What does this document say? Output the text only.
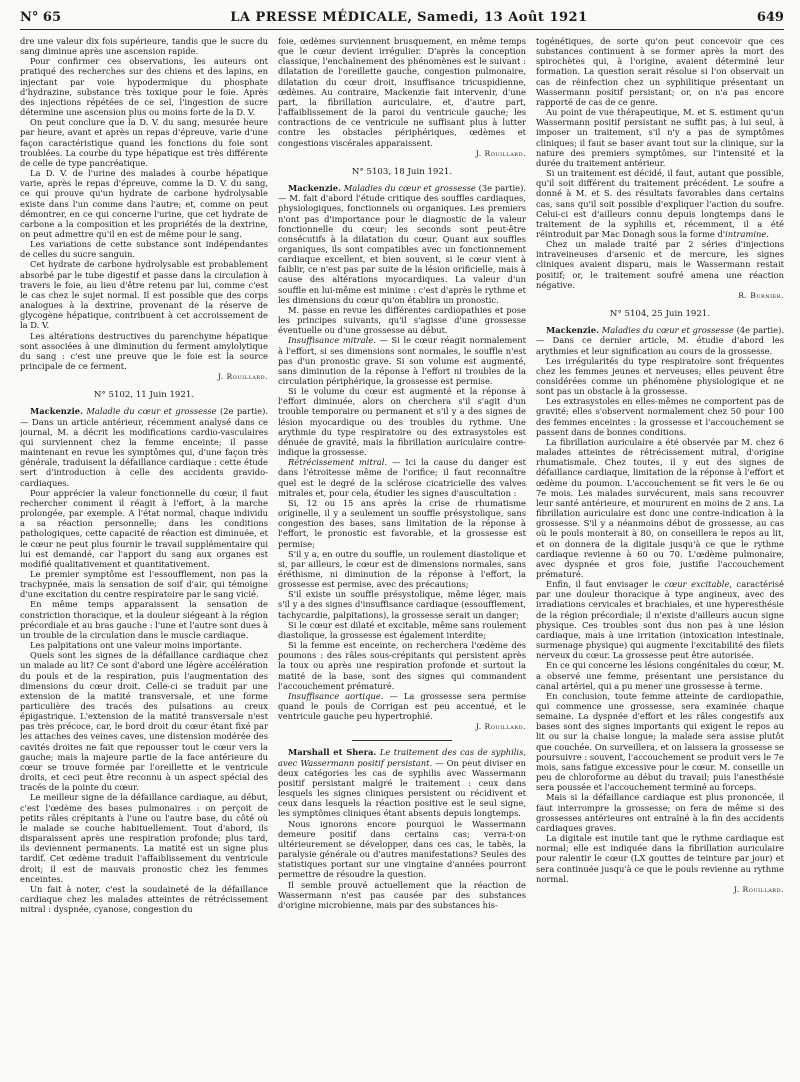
N° 65	LA PRESSE MÉDICALE, Samedi, 13 Août 1921	649

dre une valeur dix fois supérieure, tandis que le sucre du sang diminue après une ascension rapide.

Pour confirmer ces observations, les auteurs ont pratiqué des recherches sur des chiens et des lapins, en injectant par voie hypodermique du phosphate d'hydrazine, substance très toxique pour le foie. Après des injections répétées de ce sel, l'ingestion de sucre détermine une ascension plus ou moins forte de la D. V.

On peut conclure que la D. V. du sang, mesurée heure par heure, avant et après un repas d'épreuve, varie d'une façon caractéristique quand les fonctions du foie sont troublées. La courbe du type hépatique est très différente de celle de type pancréatique.

La D. V. de l'urine des malades à courbe hépatique varie, après le repas d'épreuve, comme la D. V. du sang, ce qui prouve qu'un hydrate de carbone hydrolysable existe dans l'un comme dans l'autre; et, comme on peut démontrer, en ce qui concerne l'urine, que cet hydrate de carbone a la composition et les propriétés de la dextrine, on peut admettre qu'il en est de même pour le sang.

Les variations de cette substance sont indépendantes de celles du sucre sanguin.

Cet hydrate de carbone hydrolysable est probablement absorbé par le tube digestif et passe dans la circulation à travers le foie, au lieu d'être retenu par lui, comme c'est le cas chez le sujet normal. Il est possible que des corps analogues à la dextrine, provenant de la réserve de glycogène hépatique, contribuent à cet accroissement de la D. V.

Les altérations destructives du parenchyme hépatique sont associées à une diminution du ferment amylolytique du sang : c'est une preuve que le foie est la source principale de ce ferment.

J. Rouillard.
N° 5102, 11 Juin 1921.

Mackenzie. Maladie du cœur et grossesse (2e partie). — Dans un article antérieur, récemment analysé dans ce journal, M. a décrit les modifications cardio-vasculaires qui surviennent chez la femme enceinte; il passe maintenant en revue les symptômes qui, d'une façon très générale, traduisent la défaillance cardiaque : cette étude sert d'introduction à celle des accidents gravido-cardiaques.

Pour apprécier la valeur fonctionnelle du cœur, il faut rechercher comment il réagit à l'effort, à la marche prolongée, par exemple. A l'état normal, chaque individu a sa réaction personnelle; dans les conditions pathologiques, cette capacité de réaction est diminuée, et le cœur ne peut plus fournir le travail supplémentaire qui lui est demandé, car l'apport du sang aux organes est modifié qualitativement et quantitativement.

Le premier symptôme est l'essoufflement, non pas la trachypnée, mais la sensation de soif d'air, qui témoigne d'une excitation du centre respiratoire par le sang vicié.

En même temps apparaissent la sensation de constriction thoracique, et la douleur siégeant à la région précordiale et au bras gauche : l'une et l'autre sont dues à un trouble de la circulation dans le muscle cardiaque.

Les palpitations ont une valeur moins importante.

Quels sont les signes de la défaillance cardiaque chez un malade au lit? Ce sont d'abord une légère accélération du pouls et de la respiration, puis l'augmentation des dimensions du cœur droit. Celle-ci se traduit par une extension de la matité transversale, et une forme particulière des tracés des pulsations au creux épigastrique. L'extension de la matité transversale n'est pas très précoce, car, le bord droit du cœur étant fixé par les attaches des veines caves, une distension modérée des cavités droites ne fait que repousser tout le cœur vers la gauche; mais la majeure partie de la face antérieure du cœur se trouve formée par l'oreillette et le ventricule droits, et ceci peut être reconnu à un aspect spécial des tracés de la pointe du cœur.

Le meilleur signe de la défaillance cardiaque, au début, c'est l'œdème des bases pulmonaires : on perçoit de petits râles crépitants à l'une ou l'autre base, du côté où le malade se couche habituellement. Tout d'abord, ils disparaissent après une respiration profonde; plus tard, ils deviennent permanents. La matité est un signe plus tardif. Cet œdème traduit l'affaiblissement du ventricule droit; il est de mauvais pronostic chez les femmes enceintes.

Un fait à noter, c'est la soudaineté de la défaillance cardiaque chez les malades atteintes de rétrécissement mitral : dyspnée, cyanose, congestion du

foie, œdèmes surviennent brusquement, en même temps que le cœur devient irrégulier. D'après la conception classique, l'enchaînement des phénomènes est le suivant : dilatation de l'oreillette gauche, congestion pulmonaire, dilatation du cœur droit, insuffisance tricuspidienne, œdèmes. Au contraire, Mackenzie fait intervenir, d'une part, la fibrillation auriculaire, et, d'autre part, l'affaiblissement de la paroi du ventricule gauche; les contractions de ce ventricule ne suffisant plus à lutter contre les obstacles périphériques, œdèmes et congestions viscérales apparaissent.

J. Rouillard.
N° 5103, 18 Juin 1921.

Mackenzie. Maladies du cœur et grossesse (3e partie). — M. fait d'abord l'étude critique des souffles cardiaques, physiologiques, fonctionnels ou organiques. Les premiers n'ont pas d'importance pour le diagnostic de la valeur fonctionnelle du cœur; les seconds sont peut-être consécutifs à la dilatation du cœur. Quant aux souffles organiques, ils sont compatibles avec un fonctionnement cardiaque excellent, et bien souvent, si le cœur vient à faiblir, ce n'est pas par suite de la lésion orificielle, mais à cause des altérations myocardiques. La valeur d'un souffle en lui-même est minime : c'est d'après le rythme et les dimensions du cœur qu'on établira un pronostic.

M. passe en revue les différentes cardiopathies et pose les principes suivants, qu'il s'agisse d'une grossesse éventuelle ou d'une grossesse au début.

Insuffisance mitrale. — Si le cœur réagit normalement à l'effort, si ses dimensions sont normales, le souffle n'est pas d'un pronostic grave. Si son volume est augmenté, sans diminution de la réponse à l'effort ni troubles de la circulation périphérique, la grossesse est permise.

Si le volume du cœur est augmenté et la réponse à l'effort diminuée, alors on cherchera s'il s'agit d'un trouble temporaire ou permanent et s'il y a des signes de lésion myocardique ou des troubles du rythme. Une arythmie du type respiratoire ou des extrasystoles est dénuée de gravité, mais la fibrillation auriculaire contre-indique la grossesse.

Rétrécissement mitral. — Ici la cause du danger est dans l'étroitesse même de l'orifice; il faut reconnaître quel est le degré de la sclérose cicatricielle des valves mitrales et, pour cela, étudier les signes d'auscultation :

Si, 12 ou 15 ans après la crise de rhumatisme originelle, il y a seulement un souffle présystolique, sans congestion des bases, sans limitation de la réponse à l'effort, le pronostic est favorable, et la grossesse est permise;

S'il y a, en outre du souffle, un roulement diastolique et si, par ailleurs, le cœur est de dimensions normales, sans éréthisme, ni diminution de la réponse à l'effort, la grossesse est permise, avec des précautions;

S'il existe un souffle présystolique, même léger, mais s'il y a des signes d'insuffisance cardiaque (essoufflement, tachycardie, palpitations), la grossesse serait un danger;

Si le cœur est dilaté et excitable, même sans roulement diastolique, la grossesse est également interdite;

Si la femme est enceinte, on recherchera l'œdème des poumons : des râles sous-crépitants qui persistent après la toux ou après une respiration profonde et surtout la matité de la base, sont des signes qui commandent l'accouchement prématuré.

Insuffisance aortique. — La grossesse sera permise quand le pouls de Corrigan est peu accentué, et le ventricule gauche peu hypertrophié.

J. Rouillard.

Marshall et Shera. Le traitement des cas de syphilis, avec Wassermann positif persistant. — On peut diviser en deux catégories les cas de syphilis avec Wassermann positif persistant malgré le traitement : ceux dans lesquels les signes cliniques persistent ou récidivent et ceux dans lesquels la réaction positive est le seul signe, les symptômes cliniques étant absents depuis longtemps.

Nous ignorons encore pourquoi le Wassermann demeure positif dans certains cas; verra-t-on ultérieurement se développer, dans ces cas, le tabès, la paralysie générale ou d'autres manifestations? Seules des statistiques portant sur une vingtaine d'années pourront permettre de résoudre la question.

Il semble prouvé actuellement que la réaction de Wassermann n'est pas causée par des substances d'origine microbienne, mais par des substances his-

togénétiques, de sorte qu'on peut concevoir que ces substances continuent à se former après la mort des spirochètes qui, à l'origine, avaient déterminé leur formation. La question serait résolue si l'on observait un cas de réinfection chez un syphilitique présentant un Wassermann positif persistant; or, on n'a pas encore rapporté de cas de ce genre.

Au point de vue thérapeutique, M. et S. estiment qu'un Wassermann positif persistant ne suffit pas, à lui seul, à imposer un traitement, s'il n'y a pas de symptômes cliniques; il faut se baser avant tout sur la clinique, sur la nature des premiers symptômes, sur l'intensité et la durée du traitement antérieur.

Si un traitement est décidé, il faut, autant que possible, qu'il soit différent du traitement précédent. Le soufre a donné à M. et S. des résultats favorables dans certains cas, sans qu'il soit possible d'expliquer l'action du soufre. Celui-ci est d'ailleurs connu depuis longtemps dans le traitement de la syphilis et, récemment, il a été réintroduit par Mac Donagh sous la forme d'intramine.

Chez un malade traité par 2 séries d'injections intraveineuses d'arsenic et de mercure, les signes cliniques avaient disparu, mais le Wassermann restait positif; or, le traitement soufré amena une réaction négative.

R. Burnier.
N° 5104, 25 Juin 1921.

Mackenzie. Maladies du cœur et grossesse (4e partie). — Dans ce dernier article, M. étudie d'abord les arythmies et leur signification au cours de la grossesse.

Les irrégularités du type respiratoire sont fréquentes chez les femmes jeunes et nerveuses; elles peuvent être considérées comme un phénomène physiologique et ne sont pas un obstacle à la grossesse.

Les extrasystoles en elles-mêmes ne comportent pas de gravité; elles s'observent normalement chez 50 pour 100 des femmes enceintes : la grossesse et l'accouchement se passent dans de bonnes conditions.

La fibrillation auriculaire a été observée par M. chez 6 malades atteintes de rétrécissement mitral, d'origine rhumatismale. Chez toutes, il y eut des signes de défaillance cardiaque, limitation de la réponse à l'effort et œdème du poumon. L'accouchement se fit vers le 6e ou 7e mois. Les malades survécurent, mais sans recouvrer leur santé antérieure, et moururent en moins de 2 ans. La fibrillation auriculaire est donc une contre-indication à la grossesse. S'il y a néanmoins début de grossesse, au cas où le pouls monterait à 80, on conseillera le repos au lit, et on donnera de la digitale jusqu'à ce que le rythme cardiaque revienne à 60 ou 70. L'œdème pulmonaire, avec dyspnée et gros foie, justifie l'accouchement prématuré.

Enfin, il faut envisager le cœur excitable, caractérisé par une douleur thoracique à type angineux, avec des irradiations cervicales et brachiales, et une hyperesthésie de la région précordiale; il n'existe d'ailleurs aucun signe physique. Ces troubles sont dus non pas à une lésion cardiaque, mais à une irritation (intoxication intestinale, surmenage physique) qui augmente l'excitabilité des filets nerveux du cœur. La grossesse peut être autorisée.

En ce qui concerne les lésions congénitales du cœur, M. a observé une femme, présentant une persistance du canal artériel, qui a pu mener une grossesse à terme.

En conclusion, toute femme atteinte de cardiopathie, qui commence une grossesse, sera examinée chaque semaine. La dyspnée d'effort et les râles congestifs aux bases sont des signes importants qui exigent le repos au lit ou sur la chaise longue; la malade sera assise plutôt que couchée. On surveillera, et on laissera la grossesse se poursuivre : souvent, l'accouchement se produit vers le 7e mois, sans fatigue excessive pour le cœur. M. conseille un peu de chloroforme au début du travail; puis l'anesthésie sera poussée et l'accouchement terminé au forceps.

Mais si la défaillance cardiaque est plus prononcée, il faut interrompre la grossesse; on fera de même si des grossesses antérieures ont entraîné à la fin des accidents cardiaques graves.

La digitale est inutile tant que le rythme cardiaque est normal; elle est indiquée dans la fibrillation auriculaire pour ralentir le cœur (LX gouttes de teinture par jour) et sera continuée jusqu'à ce que le pouls revienne au rythme normal.

J. Rouillard.
